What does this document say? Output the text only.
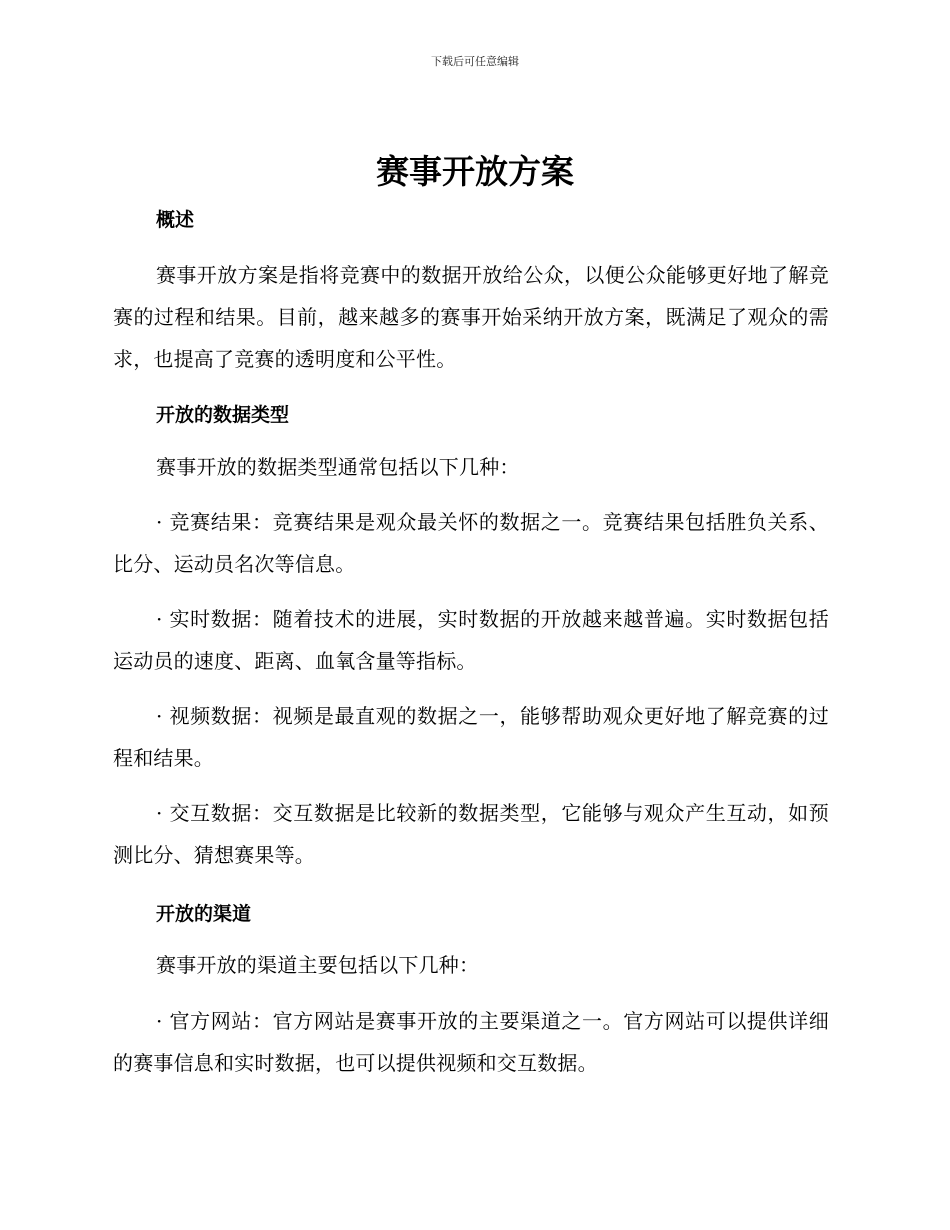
下载后可任意编辑
赛事开放方案
概述

赛事开放方案是指将竞赛中的数据开放给公众，以便公众能够更好地了解竞赛的过程和结果。目前，越来越多的赛事开始采纳开放方案，既满足了观众的需求，也提高了竞赛的透明度和公平性。

开放的数据类型

赛事开放的数据类型通常包括以下几种：

· 竞赛结果：竞赛结果是观众最关怀的数据之一。竞赛结果包括胜负关系、比分、运动员名次等信息。

· 实时数据：随着技术的进展，实时数据的开放越来越普遍。实时数据包括运动员的速度、距离、血氧含量等指标。

· 视频数据：视频是最直观的数据之一，能够帮助观众更好地了解竞赛的过程和结果。

· 交互数据：交互数据是比较新的数据类型，它能够与观众产生互动，如预测比分、猜想赛果等。

开放的渠道

赛事开放的渠道主要包括以下几种：

· 官方网站：官方网站是赛事开放的主要渠道之一。官方网站可以提供详细的赛事信息和实时数据，也可以提供视频和交互数据。
